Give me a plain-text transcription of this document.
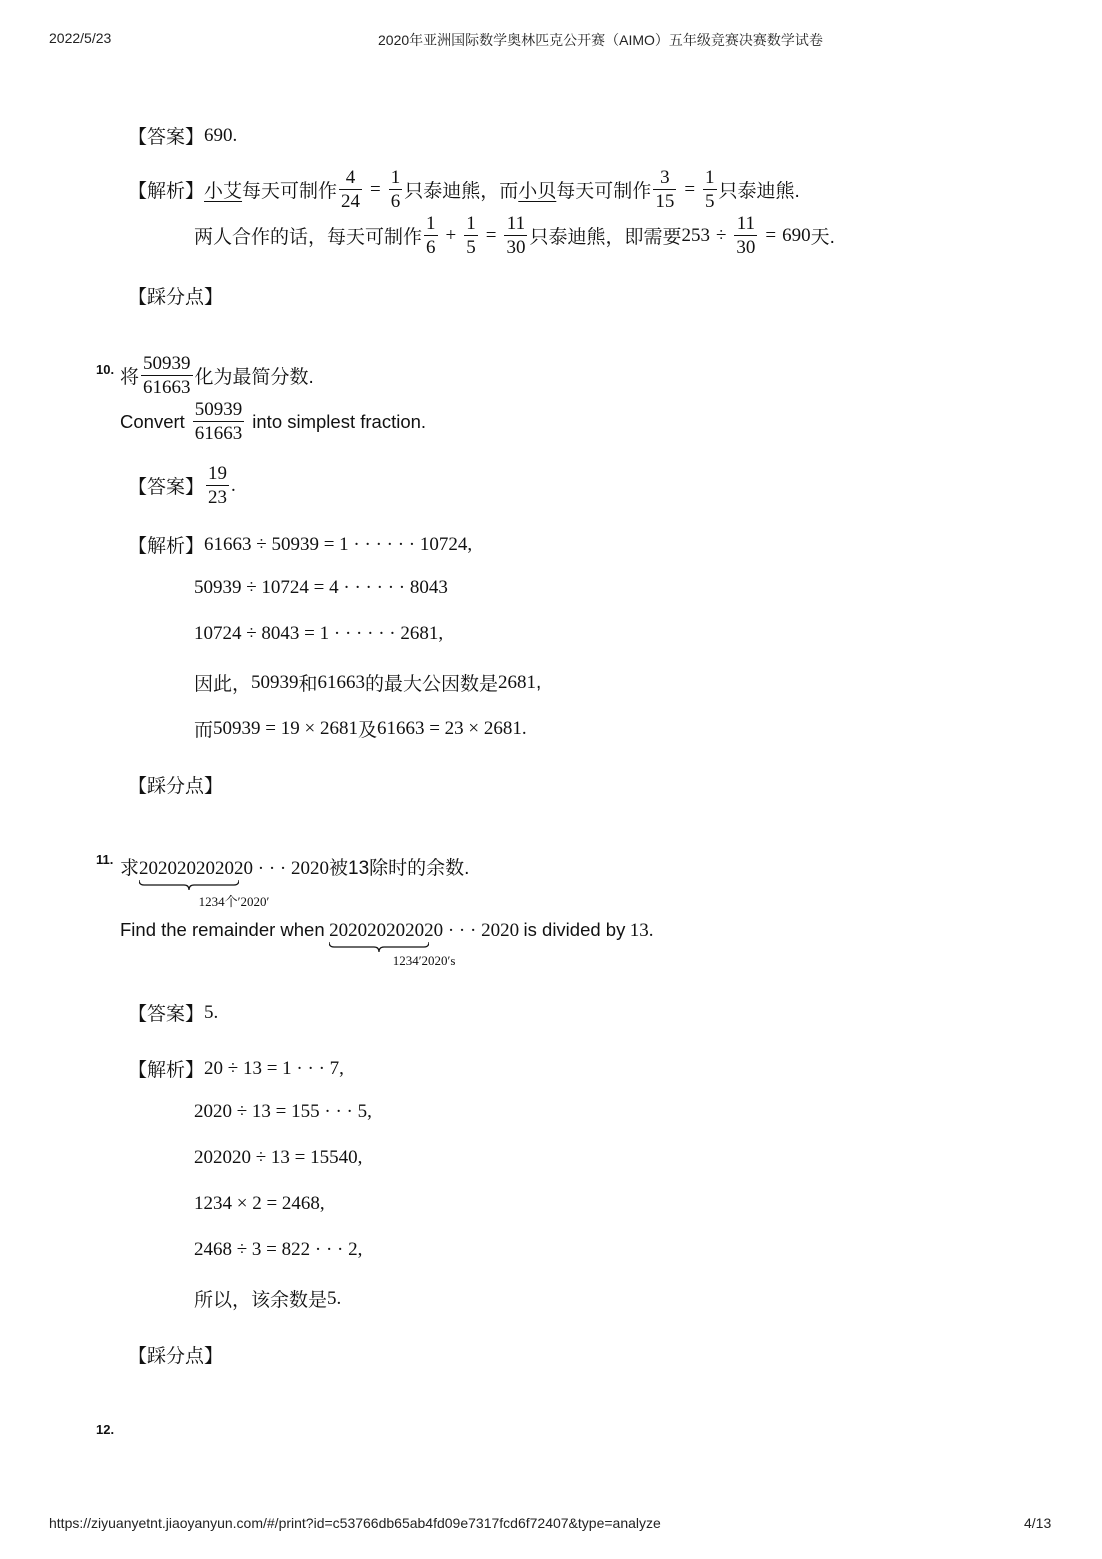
2022/5/23	2020年亚洲国际数学奥林匹克公开赛（AIMO）五年级竞赛决赛数学试卷
【答案】 690 .
【解析】 小艾 每天可制作 $\frac{4}{24} = \frac{1}{6}$ 只泰迪熊，而 小贝 每天可制作 $\frac{3}{15} = \frac{1}{5}$ 只泰迪熊.
两人合作的话，每天可制作 $\frac{1}{6} + \frac{1}{5} = \frac{11}{30}$ 只泰迪熊，即需要 $253 \div \frac{11}{30} = 690$ 天.
【踩分点】
10. 将 $\frac{50939}{61663}$ 化为最简分数.
Convert $\frac{50939}{61663}$ into simplest fraction.
【答案】 $\frac{19}{23}$ .
【解析】 61663 ÷ 50939 = 1 · · · · · · 10724,
50939 ÷ 10724 = 4 · · · · · · 8043
10724 ÷ 8043 = 1 · · · · · · 2681,
因此， 50939 和 61663 的最大公因数是 2681 ,
而 50939 = 19 × 2681 及 61663 = 23 × 2681 .
【踩分点】
11. 求202020202020 · · · 2020
1234个′2020′
被13除时的余数.
Find the remainder when 202020202020 · · · 2020
1234′2020′s
is divided by 13.
【答案】 5 .
【解析】 20 ÷ 13 = 1 · · · 7,
2020 ÷ 13 = 155 · · · 5,
202020 ÷ 13 = 15540,
1234 × 2 = 2468,
2468 ÷ 3 = 822 · · · 2,
所以，该余数是 5 .
【踩分点】
12.
https://ziyuanyetnt.jiaoyanyun.com/#/print?id=c53766db65ab4fd09e7317fcd6f72407&type=analyze	4/13
